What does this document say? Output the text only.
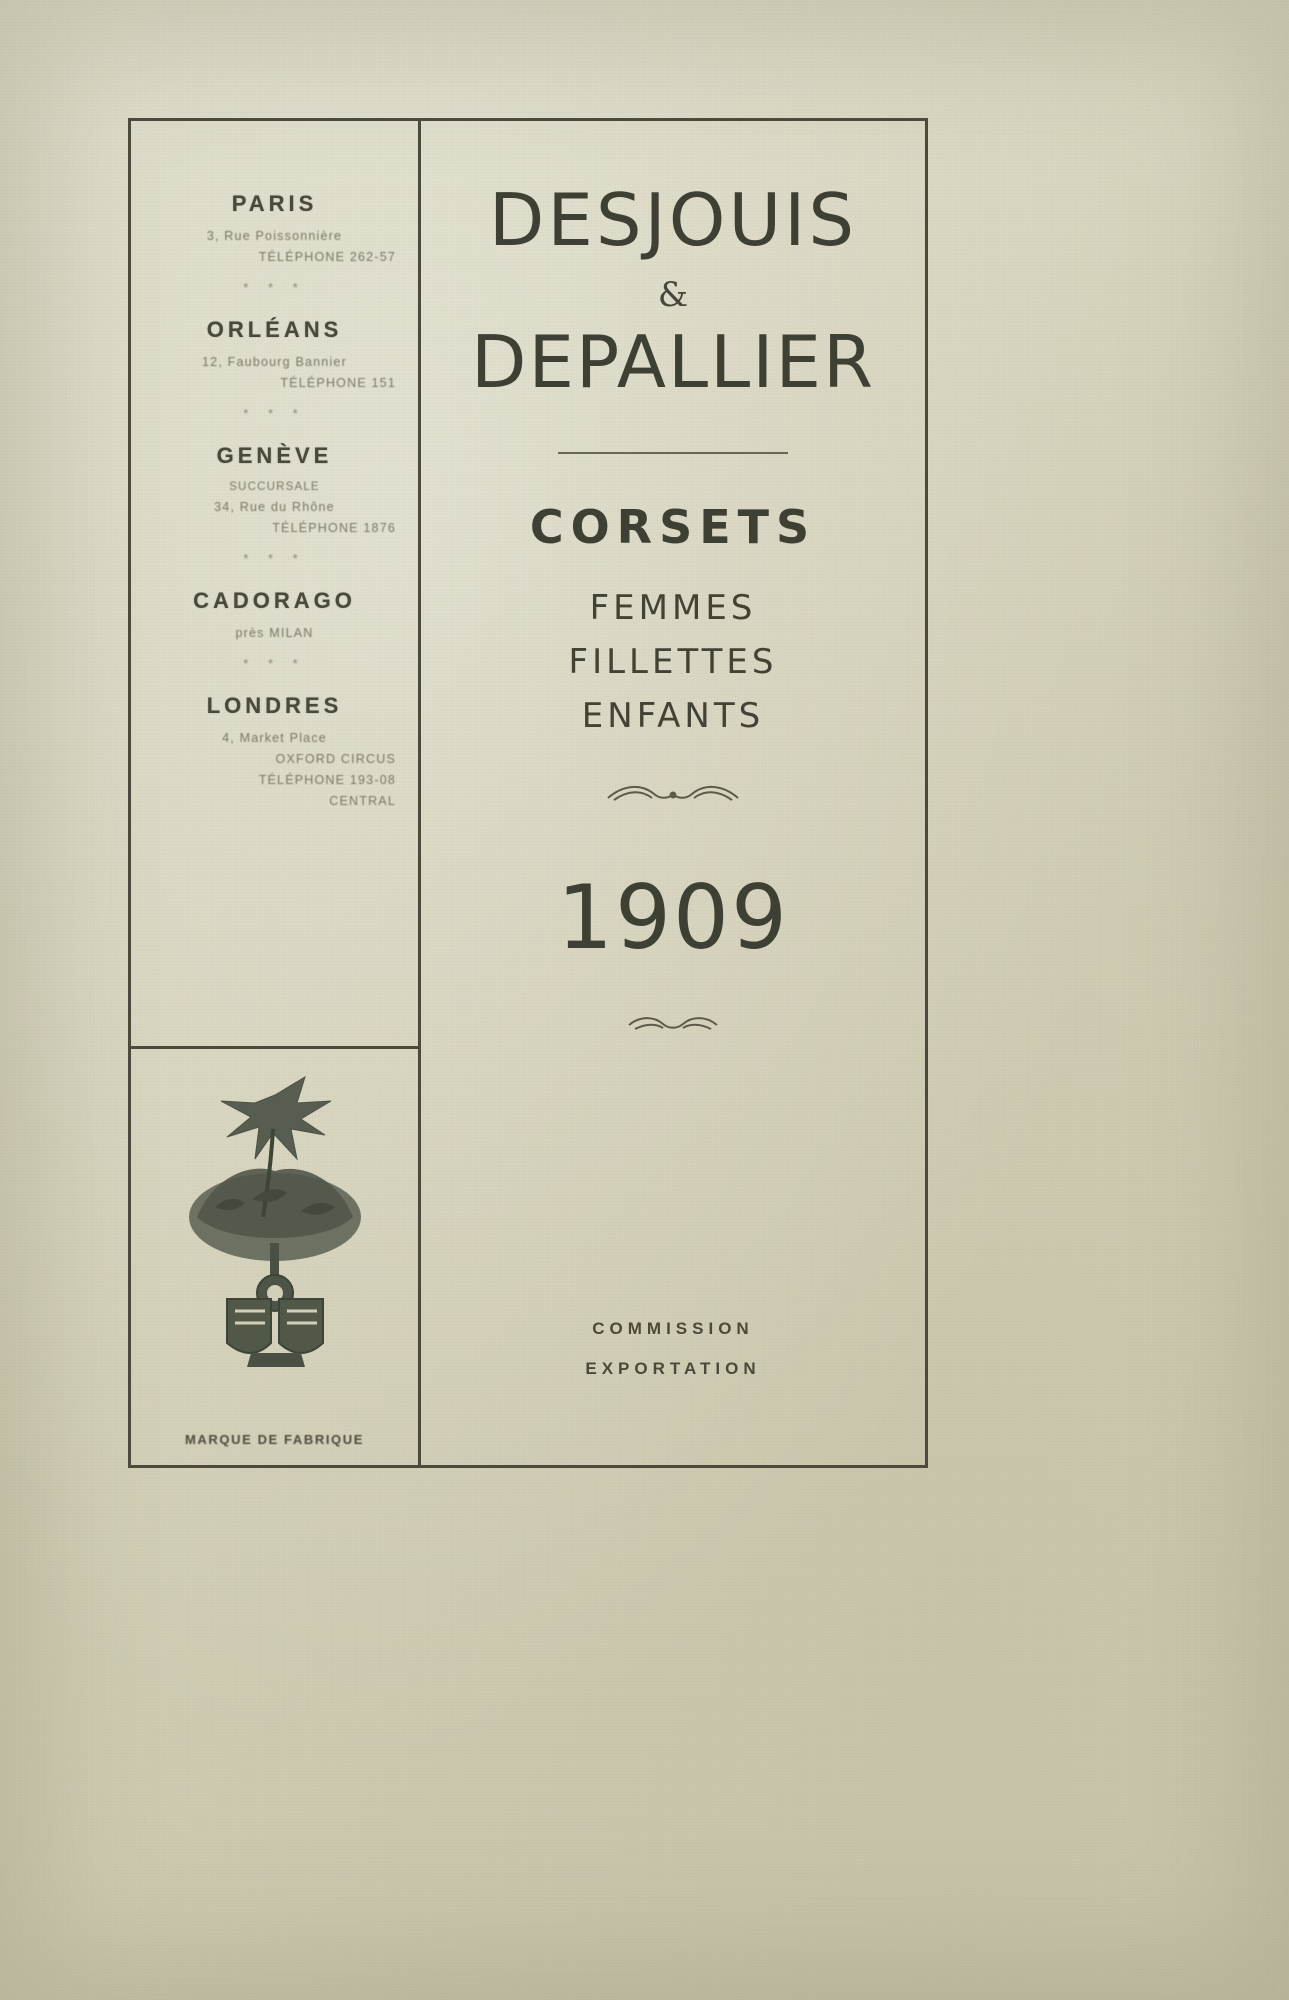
PARIS

3, Rue Poissonnière

TÉLÉPHONE 262-57

* * *

ORLÉANS

12, Faubourg Bannier

TÉLÉPHONE 151

* * *

GENÈVE

SUCCURSALE

34, Rue du Rhône

TÉLÉPHONE 1876

* * *

CADORAGO

près MILAN

* * *

LONDRES

4, Market Place

OXFORD CIRCUS

TÉLÉPHONE 193-08

CENTRAL

MARQUE DE FABRIQUE
DESJOUIS
&
DEPALLIER
CORSETS

FEMMES

FILLETTES

ENFANTS

1909

COMMISSION

EXPORTATION
